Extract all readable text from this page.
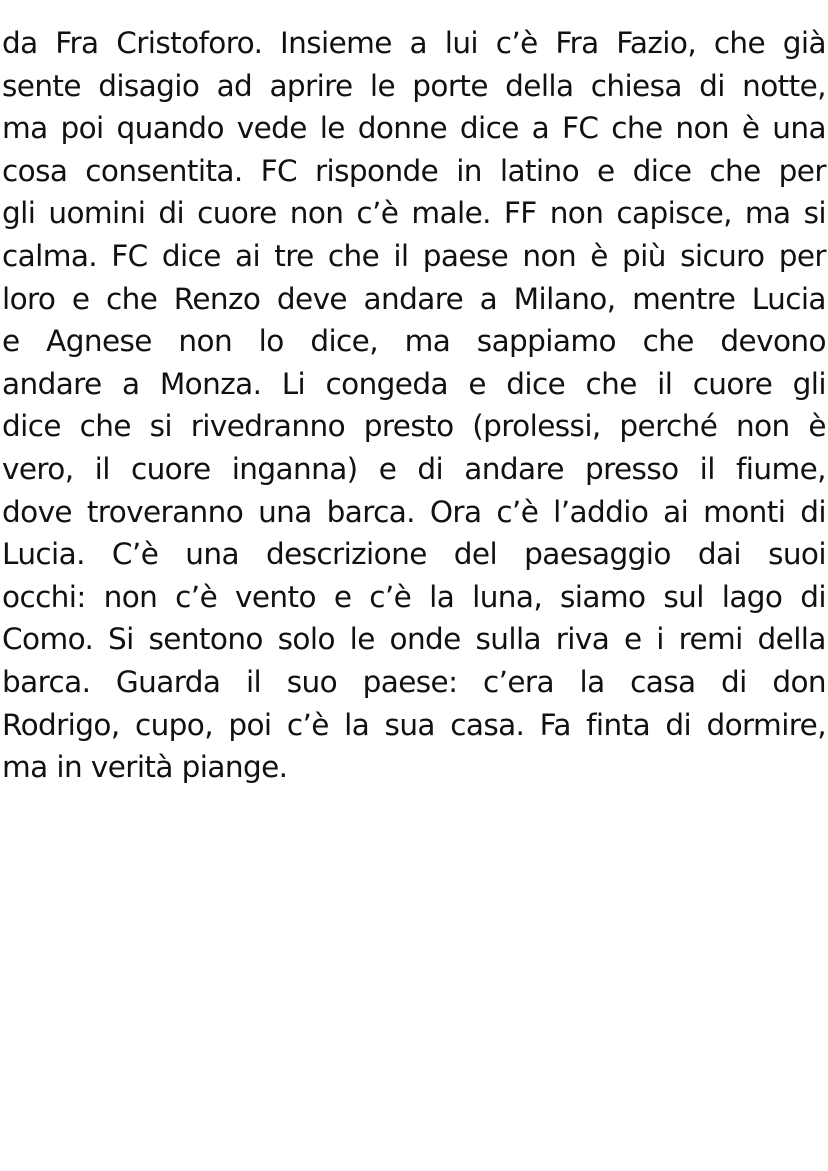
da Fra Cristoforo. Insieme a lui c’è Fra Fazio, che già
sente disagio ad aprire le porte della chiesa di notte,
ma poi quando vede le donne dice a FC che non è una
cosa consentita. FC risponde in latino e dice che per
gli uomini di cuore non c’è male. FF non capisce, ma si
calma. FC dice ai tre che il paese non è più sicuro per
loro e che Renzo deve andare a Milano, mentre Lucia
e Agnese non lo dice, ma sappiamo che devono
andare a Monza. Li congeda e dice che il cuore gli
dice che si rivedranno presto (prolessi, perché non è
vero, il cuore inganna) e di andare presso il fiume,
dove troveranno una barca. Ora c’è l’addio ai monti di
Lucia. C’è una descrizione del paesaggio dai suoi
occhi: non c’è vento e c’è la luna, siamo sul lago di
Como. Si sentono solo le onde sulla riva e i remi della
barca. Guarda il suo paese: c’era la casa di don
Rodrigo, cupo, poi c’è la sua casa. Fa finta di dormire,
ma in verità piange.
